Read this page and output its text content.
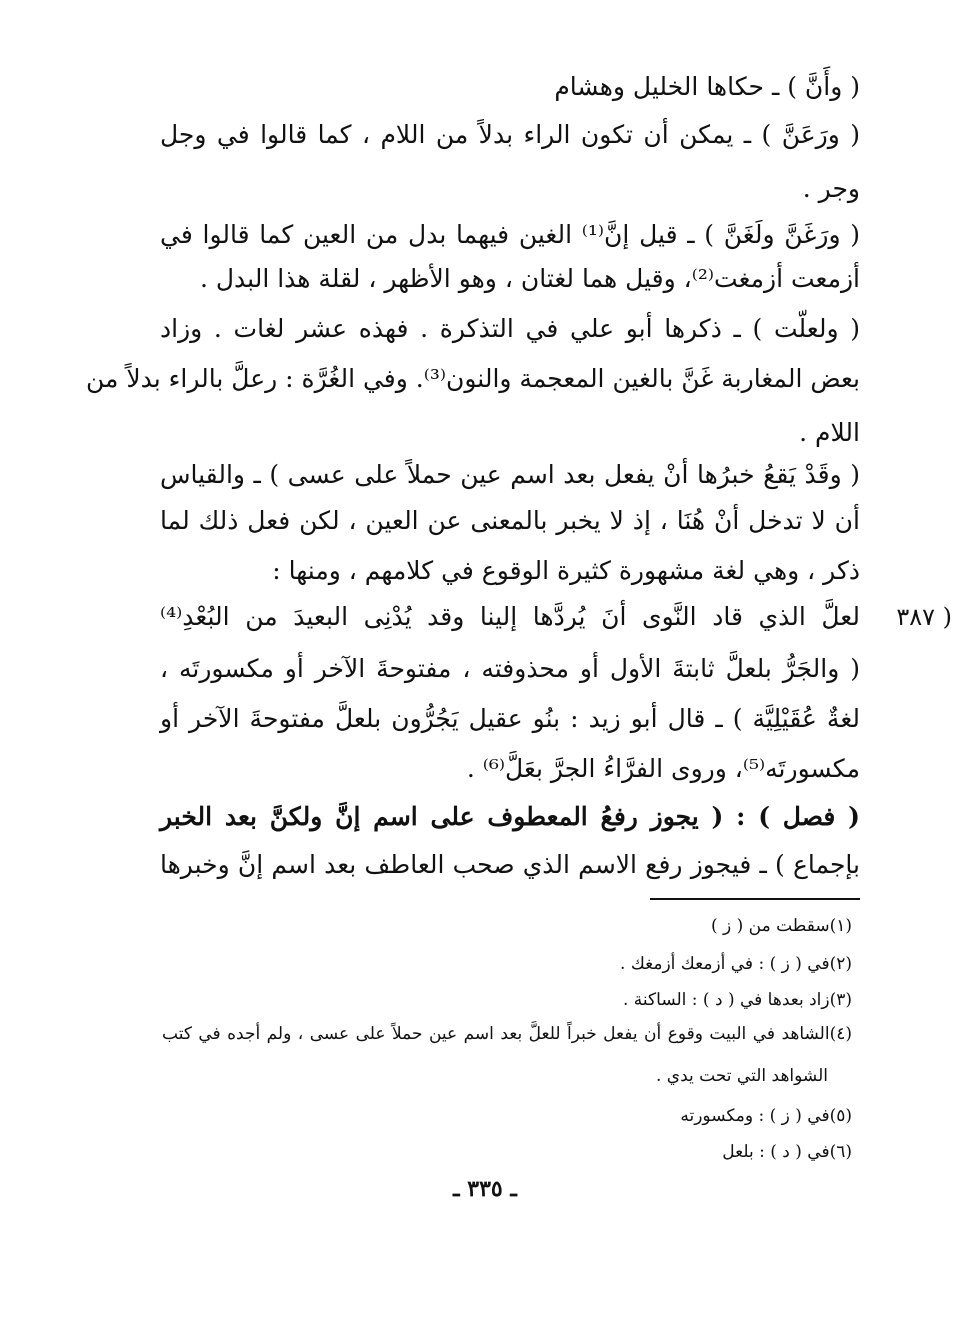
( وأَنَّ ) ـ حكاها الخليل وهشام
( ورَعَنَّ ) ـ يمكن أن تكون الراء بدلاً من اللام ، كما قالوا في وجل
وجر .
( ورَغَنَّ ولَغَنَّ ) ـ قيل إنَّ⁽¹⁾ الغين فيهما بدل من العين كما قالوا في
أزمعت أزمغت⁽²⁾، وقيل هما لغتان ، وهو الأظهر ، لقلة هذا البدل .
( ولعلّت ) ـ ذكرها أبو علي في التذكرة . فهذه عشر لغات . وزاد
بعض المغاربة غَنَّ بالغين المعجمة والنون⁽³⁾. وفي الغُرَّة : رعلَّ بالراء بدلاً من
اللام .
( وقَدْ يَقعُ خبرُها أنْ يفعل بعد اسم عين حملاً على عسى ) ـ والقياس
أن لا تدخل أنْ هُنَا ، إذ لا يخبر بالمعنى عن العين ، لكن فعل ذلك لما
ذكر ، وهي لغة مشهورة كثيرة الوقوع في كلامهم ، ومنها :
( ٣٨٧
لعلَّ الذي قاد النَّوى أنَ يُردَّها إلينا وقد يُدْنِى البعيدَ من البُعْدِ⁽⁴⁾
( والجَرُّ بلعلَّ ثابتةَ الأول أو محذوفته ، مفتوحةَ الآخر أو مكسورتَه ،
لغةٌ عُقَيْلِيَّة ) ـ قال أبو زيد : بنُو عقيل يَجُرُّون بلعلَّ مفتوحةَ الآخر أو
مكسورتَه⁽⁵⁾، وروى الفرَّاءُ الجرَّ بعَلَّ⁽⁶⁾ .
( فصل ) : ( يجوز رفعُ المعطوف على اسم إنَّ ولكنَّ بعد الخبر
بإجماع ) ـ فيجوز رفع الاسم الذي صحب العاطف بعد اسم إنَّ وخبرها
(١)سقطت من ( ز )
(٢)في ( ز ) : في أزمعك أزمغك .
(٣)زاد بعدها في ( د ) : الساكنة .
(٤)الشاهد في البيت وقوع أن يفعل خبراً للعلَّ بعد اسم عين حملاً على عسى ، ولم أجده في كتب
الشواهد التي تحت يدي .
(٥)في ( ز ) : ومكسورته
(٦)في ( د ) : بلعل
ـ ٣٣٥ ـ
